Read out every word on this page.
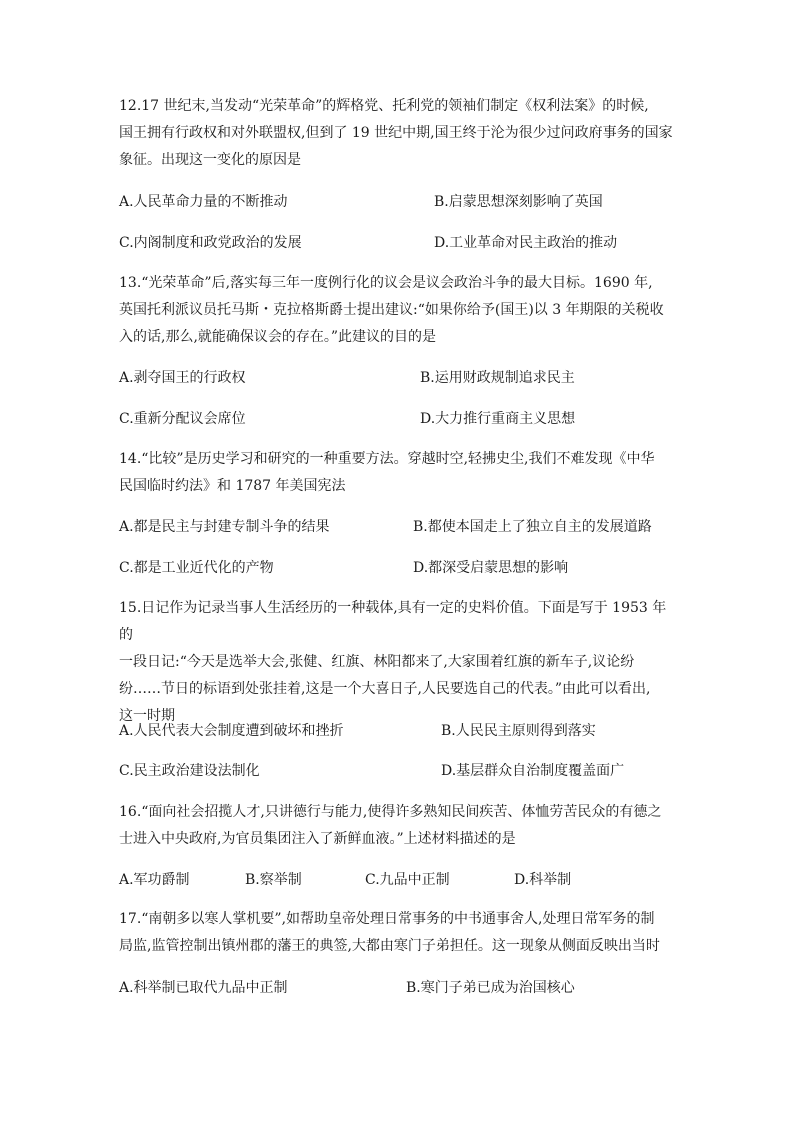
12.17 世纪末,当发动“光荣革命”的辉格党、托利党的领袖们制定《权利法案》的时候,

国王拥有行政权和对外联盟权,但到了 19 世纪中期,国王终于沦为很少过问政府事务的国家

象征。出现这一变化的原因是

A.人民革命力量的不断推动	B.启蒙思想深刻影响了英国
C.内阁制度和政党政治的发展	D.工业革命对民主政治的推动

13.“光荣革命”后,落实每三年一度例行化的议会是议会政治斗争的最大目标。1690 年,

英国托利派议员托马斯・克拉格斯爵士提出建议:“如果你给予(国王)以 3 年期限的关税收

入的话,那么,就能确保议会的存在。”此建议的目的是

A.剥夺国王的行政权	B.运用财政规制追求民主
C.重新分配议会席位	D.大力推行重商主义思想

14.“比较”是历史学习和研究的一种重要方法。穿越时空,轻拂史尘,我们不难发现《中华

民国临时约法》和 1787 年美国宪法

A.都是民主与封建专制斗争的结果	B.都使本国走上了独立自主的发展道路
C.都是工业近代化的产物	D.都深受启蒙思想的影响

15.日记作为记录当事人生活经历的一种载体,具有一定的史料价值。下面是写于 1953 年的

一段日记:“今天是选举大会,张健、红旗、林阳都来了,大家围着红旗的新车子,议论纷

纷……节日的标语到处张挂着,这是一个大喜日子,人民要选自己的代表。”由此可以看出,

这一时期

A.人民代表大会制度遭到破坏和挫折	B.人民民主原则得到落实
C.民主政治建设法制化	D.基层群众自治制度覆盖面广

16.“面向社会招揽人才,只讲德行与能力,使得许多熟知民间疾苦、体恤劳苦民众的有德之

士进入中央政府,为官员集团注入了新鲜血液。”上述材料描述的是

A.军功爵制	B.察举制	C.九品中正制	D.科举制

17.“南朝多以寒人掌机要”,如帮助皇帝处理日常事务的中书通事舍人,处理日常军务的制

局监,监管控制出镇州郡的藩王的典签,大都由寒门子弟担任。这一现象从侧面反映出当时

A.科举制已取代九品中正制	B.寒门子弟已成为治国核心
